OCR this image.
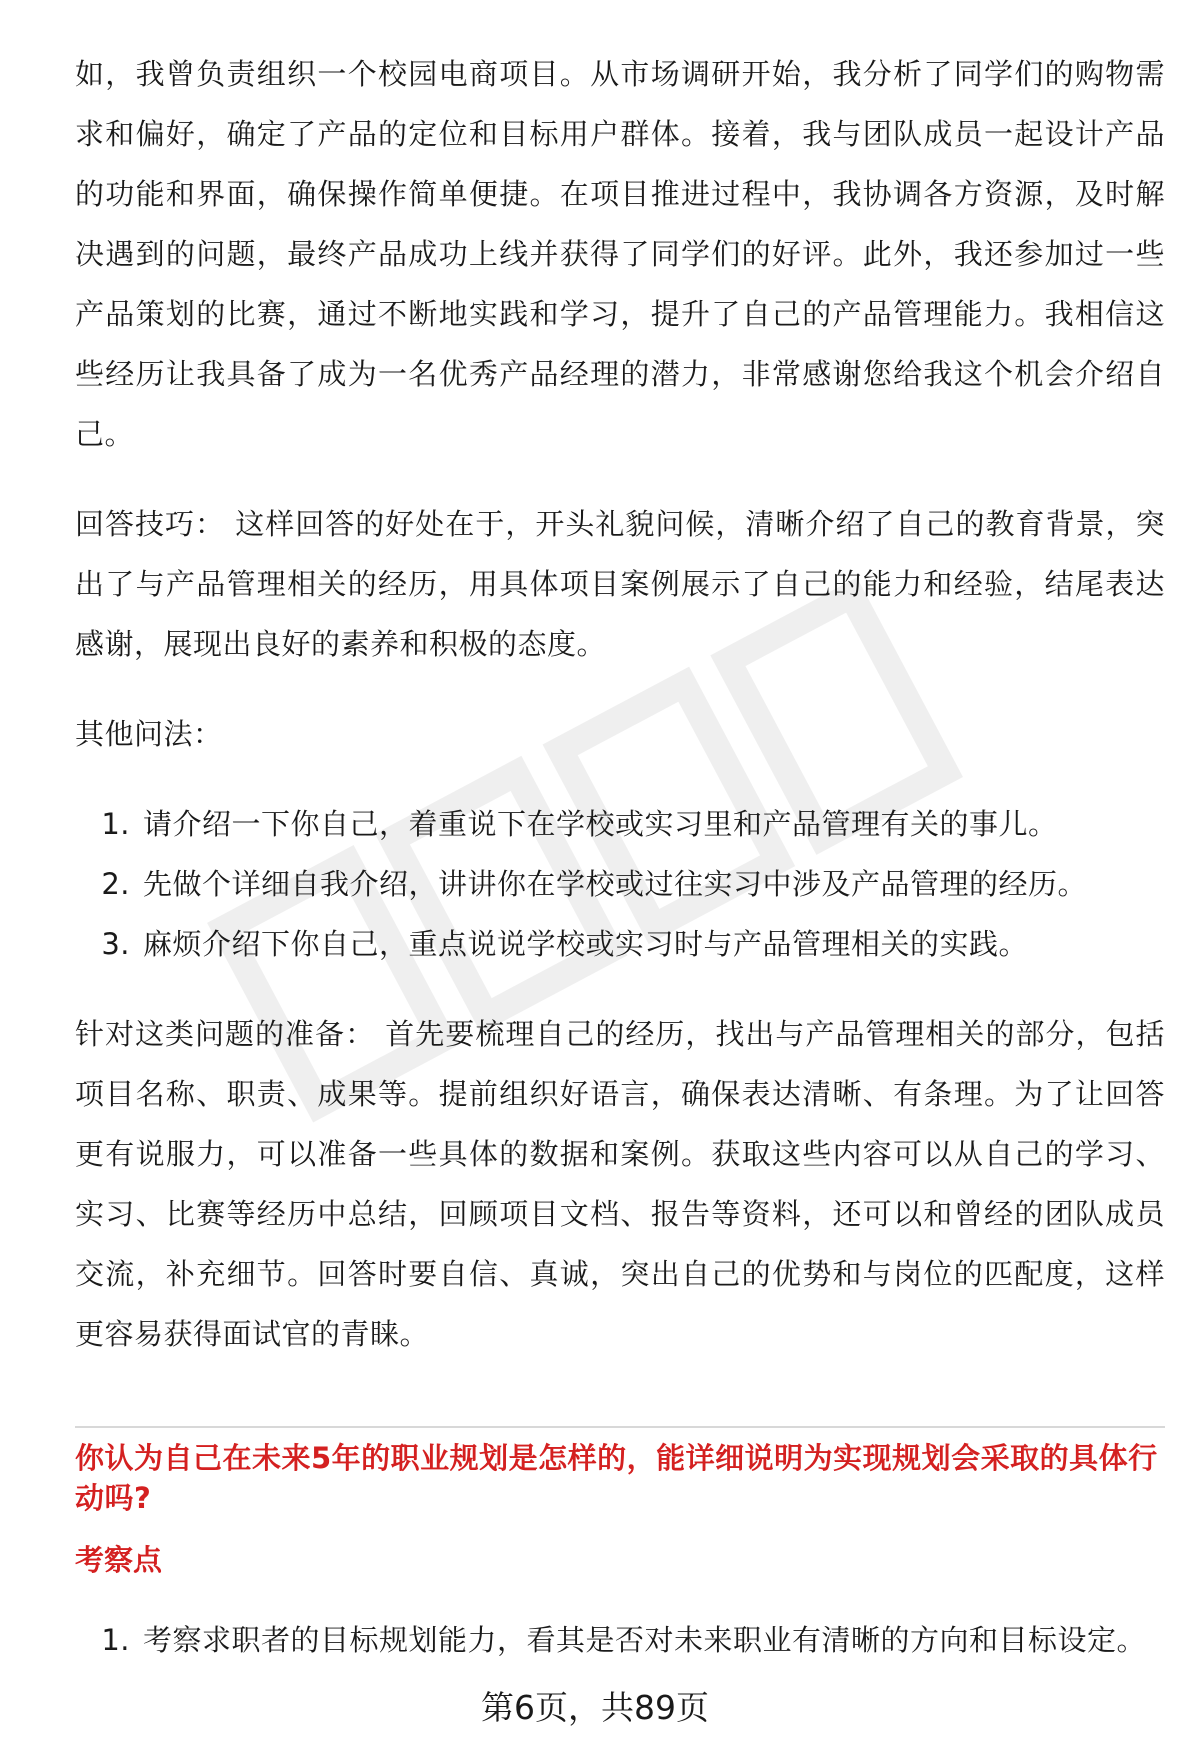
如，我曾负责组织一个校园电商项目。从市场调研开始，我分析了同学们的购物需求和偏好，确定了产品的定位和目标用户群体。接着，我与团队成员一起设计产品的功能和界面，确保操作简单便捷。在项目推进过程中，我协调各方资源，及时解决遇到的问题，最终产品成功上线并获得了同学们的好评。此外，我还参加过一些产品策划的比赛，通过不断地实践和学习，提升了自己的产品管理能力。我相信这些经历让我具备了成为一名优秀产品经理的潜力，非常感谢您给我这个机会介绍自己。

回答技巧： 这样回答的好处在于，开头礼貌问候，清晰介绍了自己的教育背景，突出了与产品管理相关的经历，用具体项目案例展示了自己的能力和经验，结尾表达感谢，展现出良好的素养和积极的态度。

其他问法：

1. 请介绍一下你自己，着重说下在学校或实习里和产品管理有关的事儿。
2. 先做个详细自我介绍，讲讲你在学校或过往实习中涉及产品管理的经历。
3. 麻烦介绍下你自己，重点说说学校或实习时与产品管理相关的实践。

针对这类问题的准备： 首先要梳理自己的经历，找出与产品管理相关的部分，包括项目名称、职责、成果等。提前组织好语言，确保表达清晰、有条理。为了让回答更有说服力，可以准备一些具体的数据和案例。获取这些内容可以从自己的学习、实习、比赛等经历中总结，回顾项目文档、报告等资料，还可以和曾经的团队成员交流，补充细节。回答时要自信、真诚，突出自己的优势和与岗位的匹配度，这样更容易获得面试官的青睐。

你认为自己在未来5年的职业规划是怎样的，能详细说明为实现规划会采取的具体行动吗?

考察点

1. 考察求职者的目标规划能力，看其是否对未来职业有清晰的方向和目标设定。
第6页，共89页
